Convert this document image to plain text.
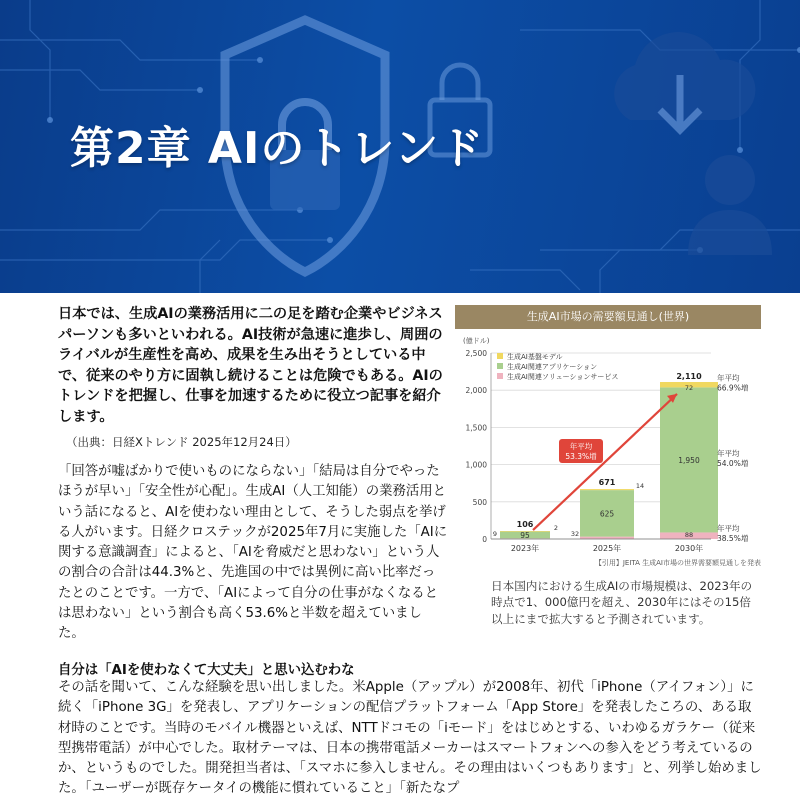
第2章 AIのトレンド
日本では、生成AIの業務活用に二の足を踏む企業やビジネスパーソンも多いといわれる。AI技術が急速に進歩し、周囲のライバルが生産性を高め、成果を生み出そうとしている中で、従来のやり方に固執し続けることは危険でもある。AIのトレンドを把握し、仕事を加速するために役立つ記事を紹介します。
（出典：日経Xトレンド 2025年12月24日）
「回答が嘘ばかりで使いものにならない」「結局は自分でやったほうが早い」「安全性が心配」。生成AI（人工知能）の業務活用という話になると、AIを使わない理由として、そうした弱点を挙げる人がいます。日経クロステックが2025年7月に実施した「AIに関する意識調査」によると、「AIを脅威だと思わない」という人の割合の合計は44.3%と、先進国の中では異例に高い比率だったとのことです。一方で、「AIによって自分の仕事がなくなるとは思わない」という割合も高く53.6%と半数を超えていました。
生成AI市場の需要額見通し(世界)
(億ドル)
0
500
1,000
1,500
2,000
2,500	生成AI基盤モデル
生成AI関連アプリケーション
生成AI関連ソリューションサービス
95
2
9
106
2023年
625
14
32
671
2025年
1,950
72
88
2,110
2030年
年平均
53.3%増
年平均
66.9%増
年平均
54.0%増
年平均
38.5%増
【引用】JEITA 生成AI市場の世界需要額見通しを発表
日本国内における生成AIの市場規模は、2023年の時点で1、000億円を超え、2030年にはその15倍以上にまで拡大すると予測されています。
自分は「AIを使わなくて大丈夫」と思い込むわな
その話を聞いて、こんな経験を思い出しました。米Apple（アップル）が2008年、初代「iPhone（アイフォン）」に続く「iPhone 3G」を発表し、アプリケーションの配信プラットフォーム「App Store」を発表したころの、ある取材時のことです。当時のモバイル機器といえば、NTTドコモの「iモード」をはじめとする、いわゆるガラケー（従来型携帯電話）が中心でした。取材テーマは、日本の携帯電話メーカーはスマートフォンへの参入をどう考えているのか、というものでした。開発担当者は、「スマホに参入しません。その理由はいくつもあります」と、列挙し始めました。「ユーザーが既存ケータイの機能に慣れていること」「新たなプ
